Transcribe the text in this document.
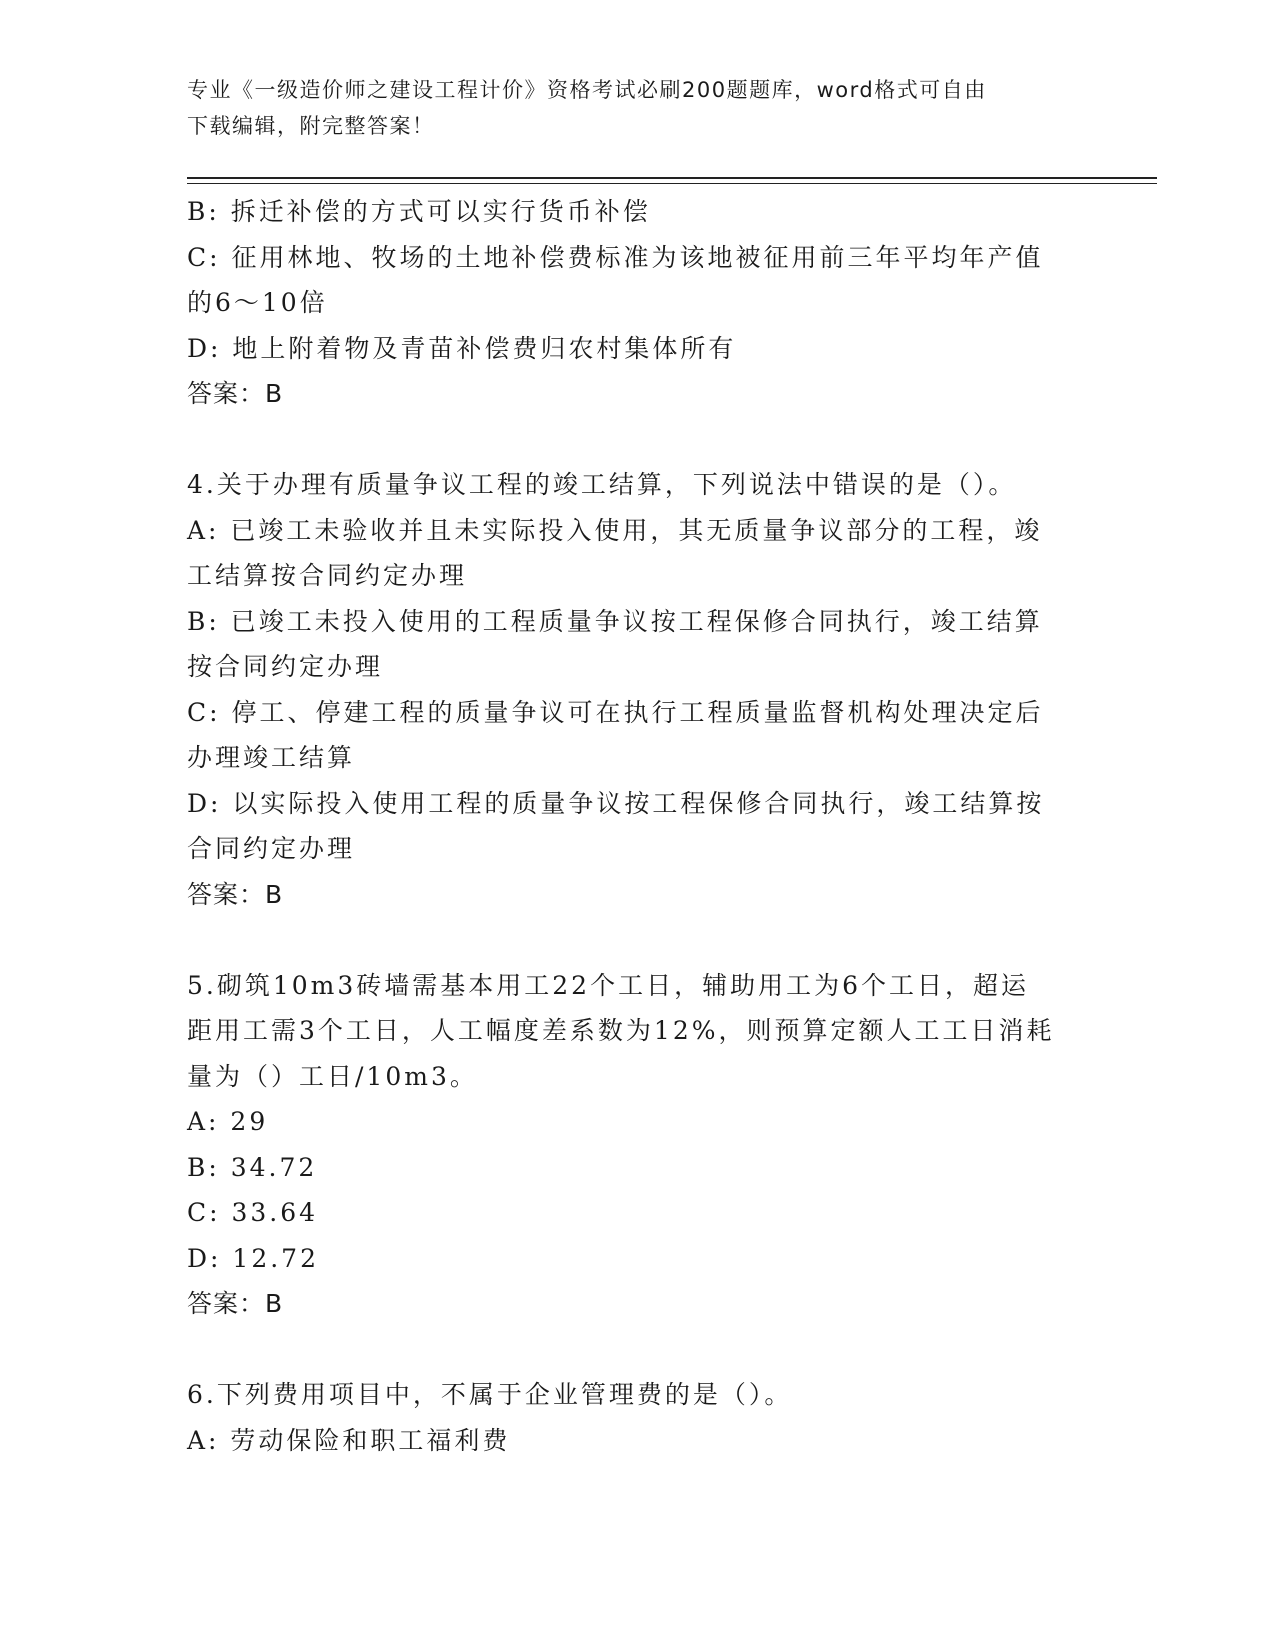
专业《一级造价师之建设工程计价》资格考试必刷200题题库，word格式可自由

下载编辑，附完整答案！

B: 拆迁补偿的方式可以实行货币补偿

C: 征用林地、牧场的土地补偿费标准为该地被征用前三年平均年产值

的6～10倍

D: 地上附着物及青苗补偿费归农村集体所有

答案：B

4.关于办理有质量争议工程的竣工结算，下列说法中错误的是（）。

A: 已竣工未验收并且未实际投入使用，其无质量争议部分的工程，竣

工结算按合同约定办理

B: 已竣工未投入使用的工程质量争议按工程保修合同执行，竣工结算

按合同约定办理

C: 停工、停建工程的质量争议可在执行工程质量监督机构处理决定后

办理竣工结算

D: 以实际投入使用工程的质量争议按工程保修合同执行，竣工结算按

合同约定办理

答案：B

5.砌筑10m3砖墙需基本用工22个工日，辅助用工为6个工日，超运

距用工需3个工日，人工幅度差系数为12%，则预算定额人工工日消耗

量为（）工日/10m3。

A: 29

B: 34.72

C: 33.64

D: 12.72

答案：B

6.下列费用项目中，不属于企业管理费的是（）。

A: 劳动保险和职工福利费
